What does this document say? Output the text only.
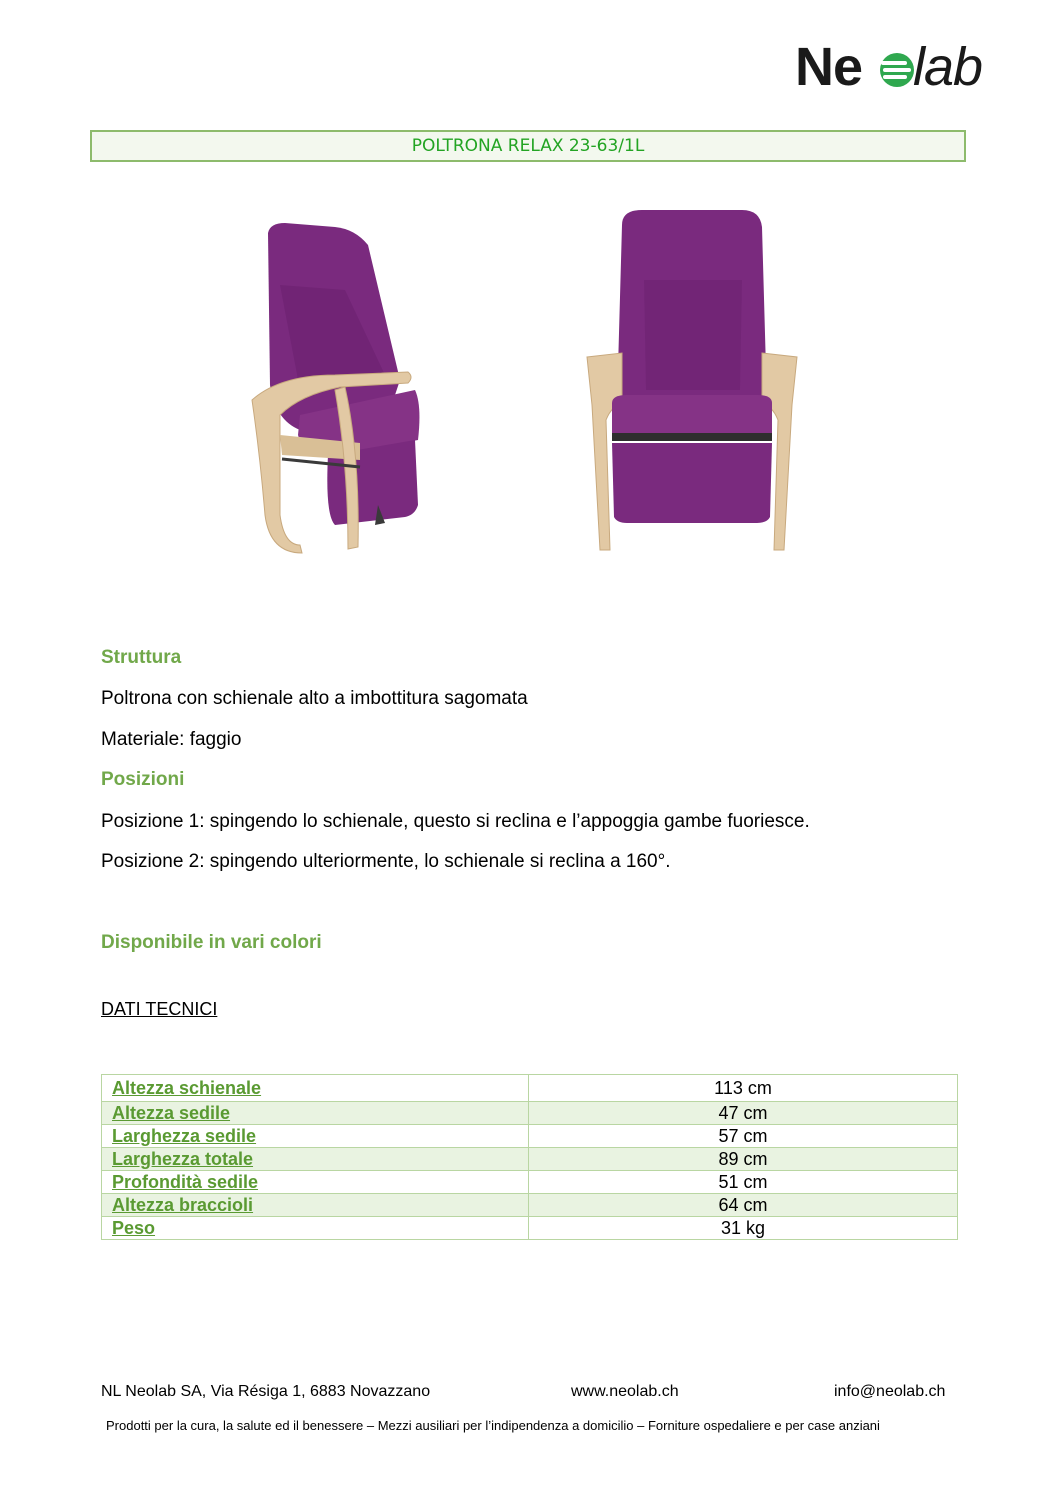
Ne lab
POLTRONA RELAX 23-63/1L
Struttura
Poltrona con schienale alto a imbottitura sagomata
Materiale: faggio
Posizioni
Posizione 1: spingendo lo schienale, questo si reclina e l’appoggia gambe fuoriesce.
Posizione 2: spingendo ulteriormente, lo schienale si reclina a 160°.
Disponibile in vari colori
DATI TECNICI
Altezza schienale	113 cm
Altezza sedile	47 cm
Larghezza sedile	57 cm
Larghezza totale	89 cm
Profondità sedile	51 cm
Altezza braccioli	64 cm
Peso	31 kg
NL Neolab SA, Via Résiga 1, 6883 Novazzano	www.neolab.ch	info@neolab.ch
Prodotti per la cura, la salute ed il benessere – Mezzi ausiliari per l’indipendenza a domicilio – Forniture ospedaliere e per case anziani
